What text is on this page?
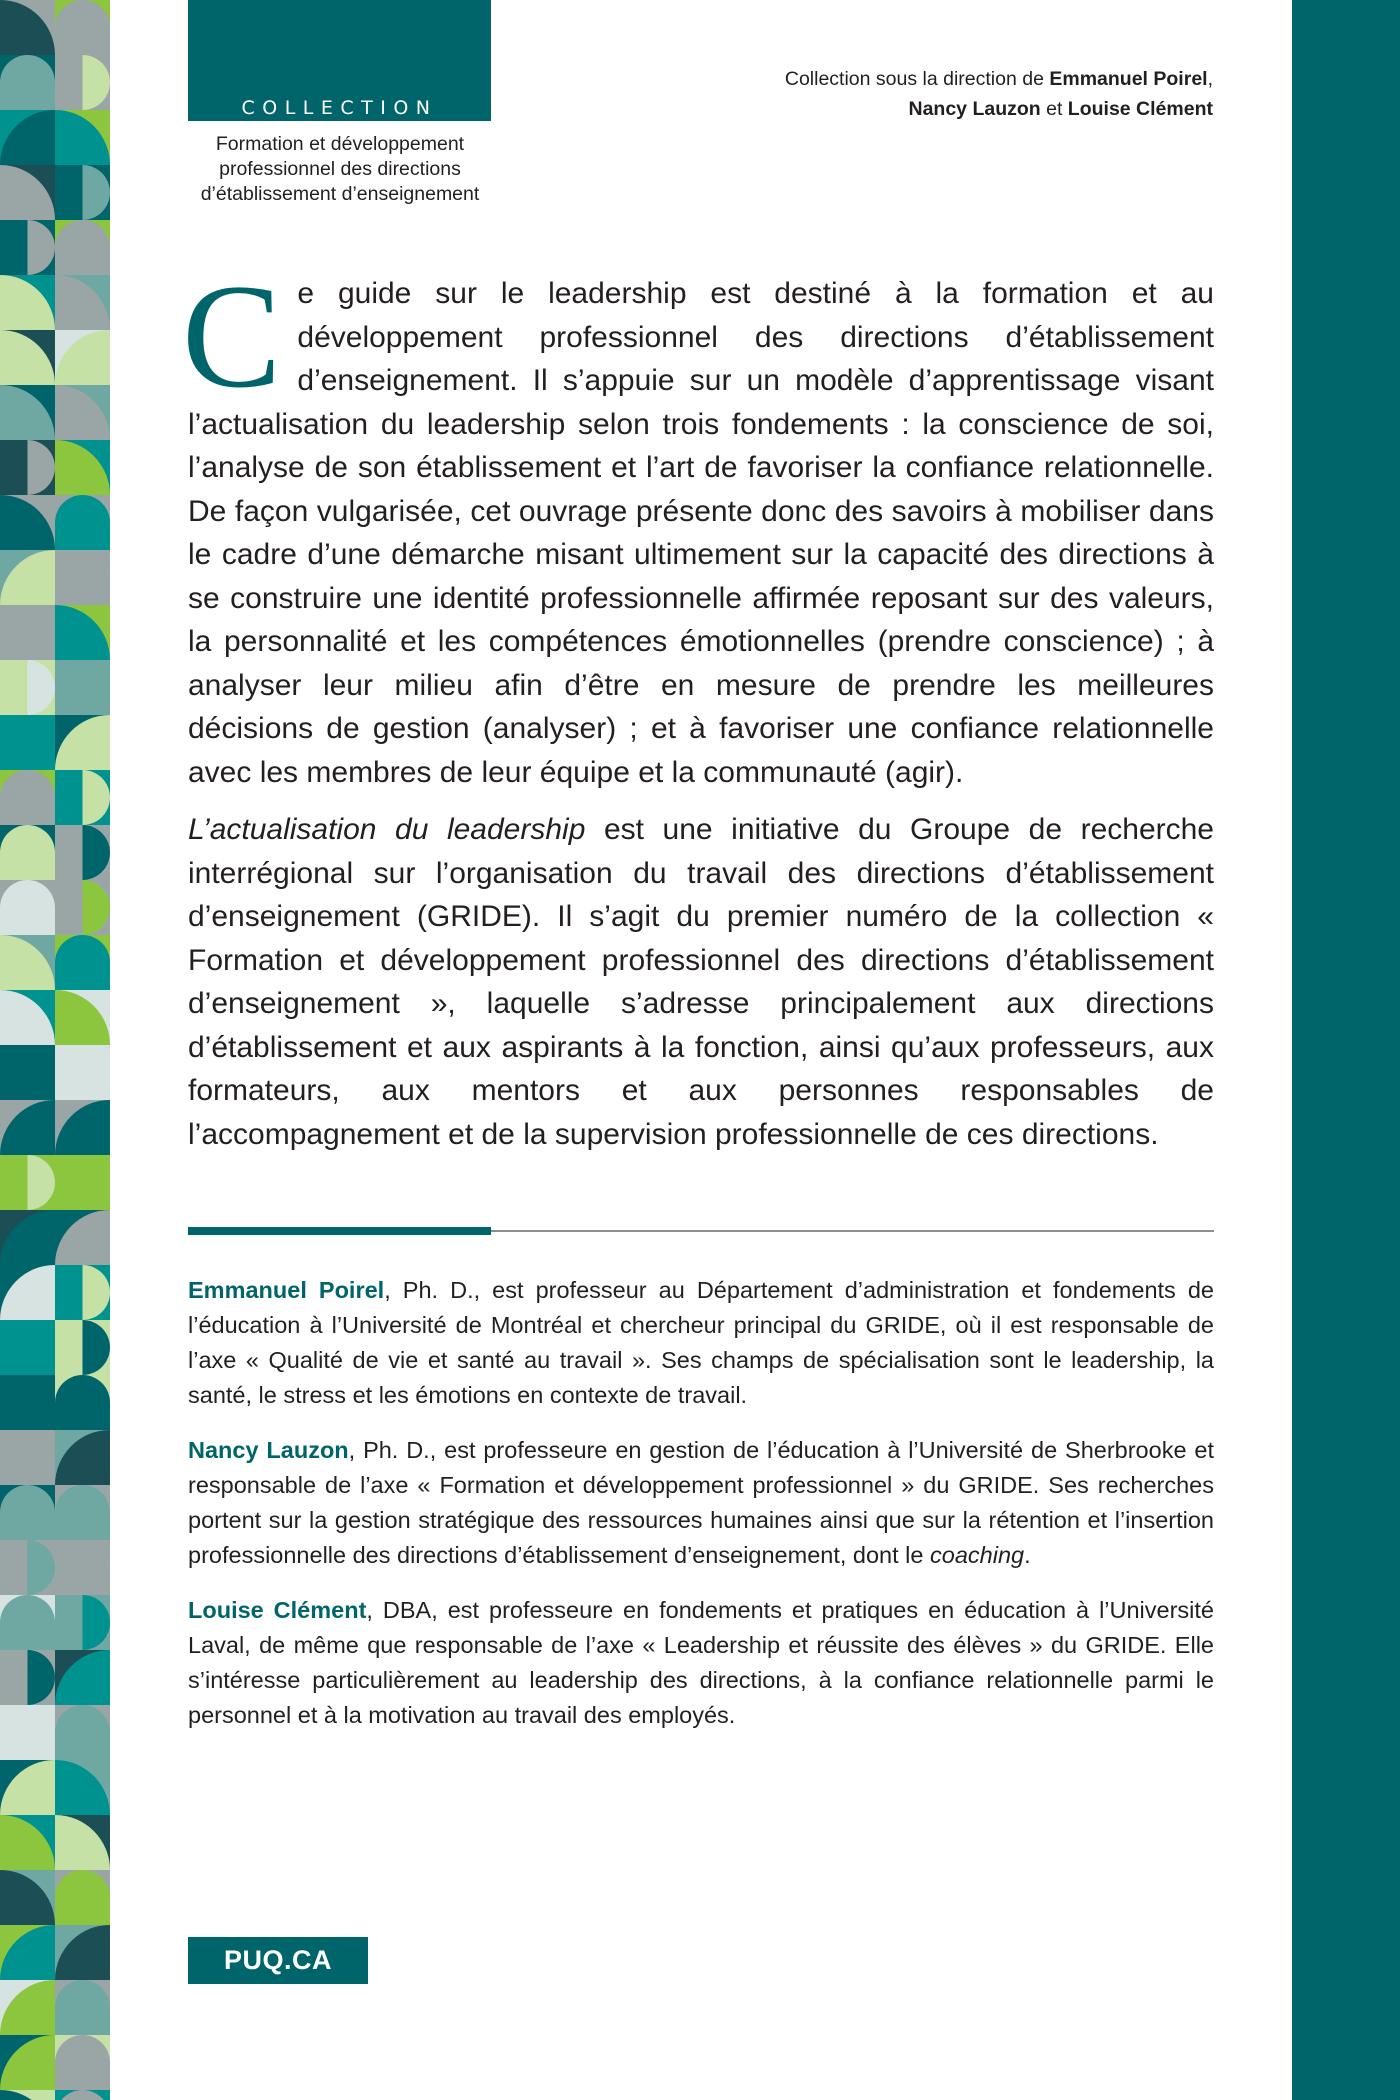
COLLECTION
Formation et développement
professionnel des directions
d’établissement d’enseignement
Collection sous la direction de Emmanuel Poirel,
Nancy Lauzon et Louise Clément

Ce guide sur le leadership est destiné à la formation et au développement professionnel des directions d’établissement d’enseignement. Il s’appuie sur un modèle d’apprentissage visant l’actualisation du leadership selon trois fondements : la conscience de soi, l’analyse de son établissement et l’art de favoriser la confiance relationnelle. De façon vulgarisée, cet ouvrage présente donc des savoirs à mobiliser dans le cadre d’une démarche misant ultimement sur la capacité des directions à se construire une identité professionnelle affirmée reposant sur des valeurs, la personnalité et les compétences émotionnelles (prendre conscience) ; à analyser leur milieu afin d’être en mesure de prendre les meilleures décisions de gestion (analyser) ; et à favoriser une confiance relationnelle avec les membres de leur équipe et la communauté (agir).

L’actualisation du leadership est une initiative du Groupe de recherche interrégional sur l’organisation du travail des directions d’établissement d’enseignement (GRIDE). Il s’agit du premier numéro de la collection « Formation et développement professionnel des directions d’établissement d’enseignement », laquelle s’adresse principalement aux directions d’établissement et aux aspirants à la fonction, ainsi qu’aux professeurs, aux formateurs, aux mentors et aux personnes responsables de l’accompagnement et de la supervision professionnelle de ces directions.

Emmanuel Poirel, Ph. D., est professeur au Département d’administration et fondements de l’éducation à l’Université de Montréal et chercheur principal du GRIDE, où il est responsable de l’axe « Qualité de vie et santé au travail ». Ses champs de spécialisation sont le leadership, la santé, le stress et les émotions en contexte de travail.

Nancy Lauzon, Ph. D., est professeure en gestion de l’éducation à l’Université de Sherbrooke et responsable de l’axe « Formation et développement professionnel » du GRIDE. Ses recherches portent sur la gestion stratégique des ressources humaines ainsi que sur la rétention et l’insertion professionnelle des directions d’établissement d’enseignement, dont le coaching.

Louise Clément, DBA, est professeure en fondements et pratiques en éducation à l’Université Laval, de même que responsable de l’axe « Leadership et réussite des élèves » du GRIDE. Elle s’intéresse particulièrement au leadership des directions, à la confiance relationnelle parmi le personnel et à la motivation au travail des employés.

PUQ.CA
